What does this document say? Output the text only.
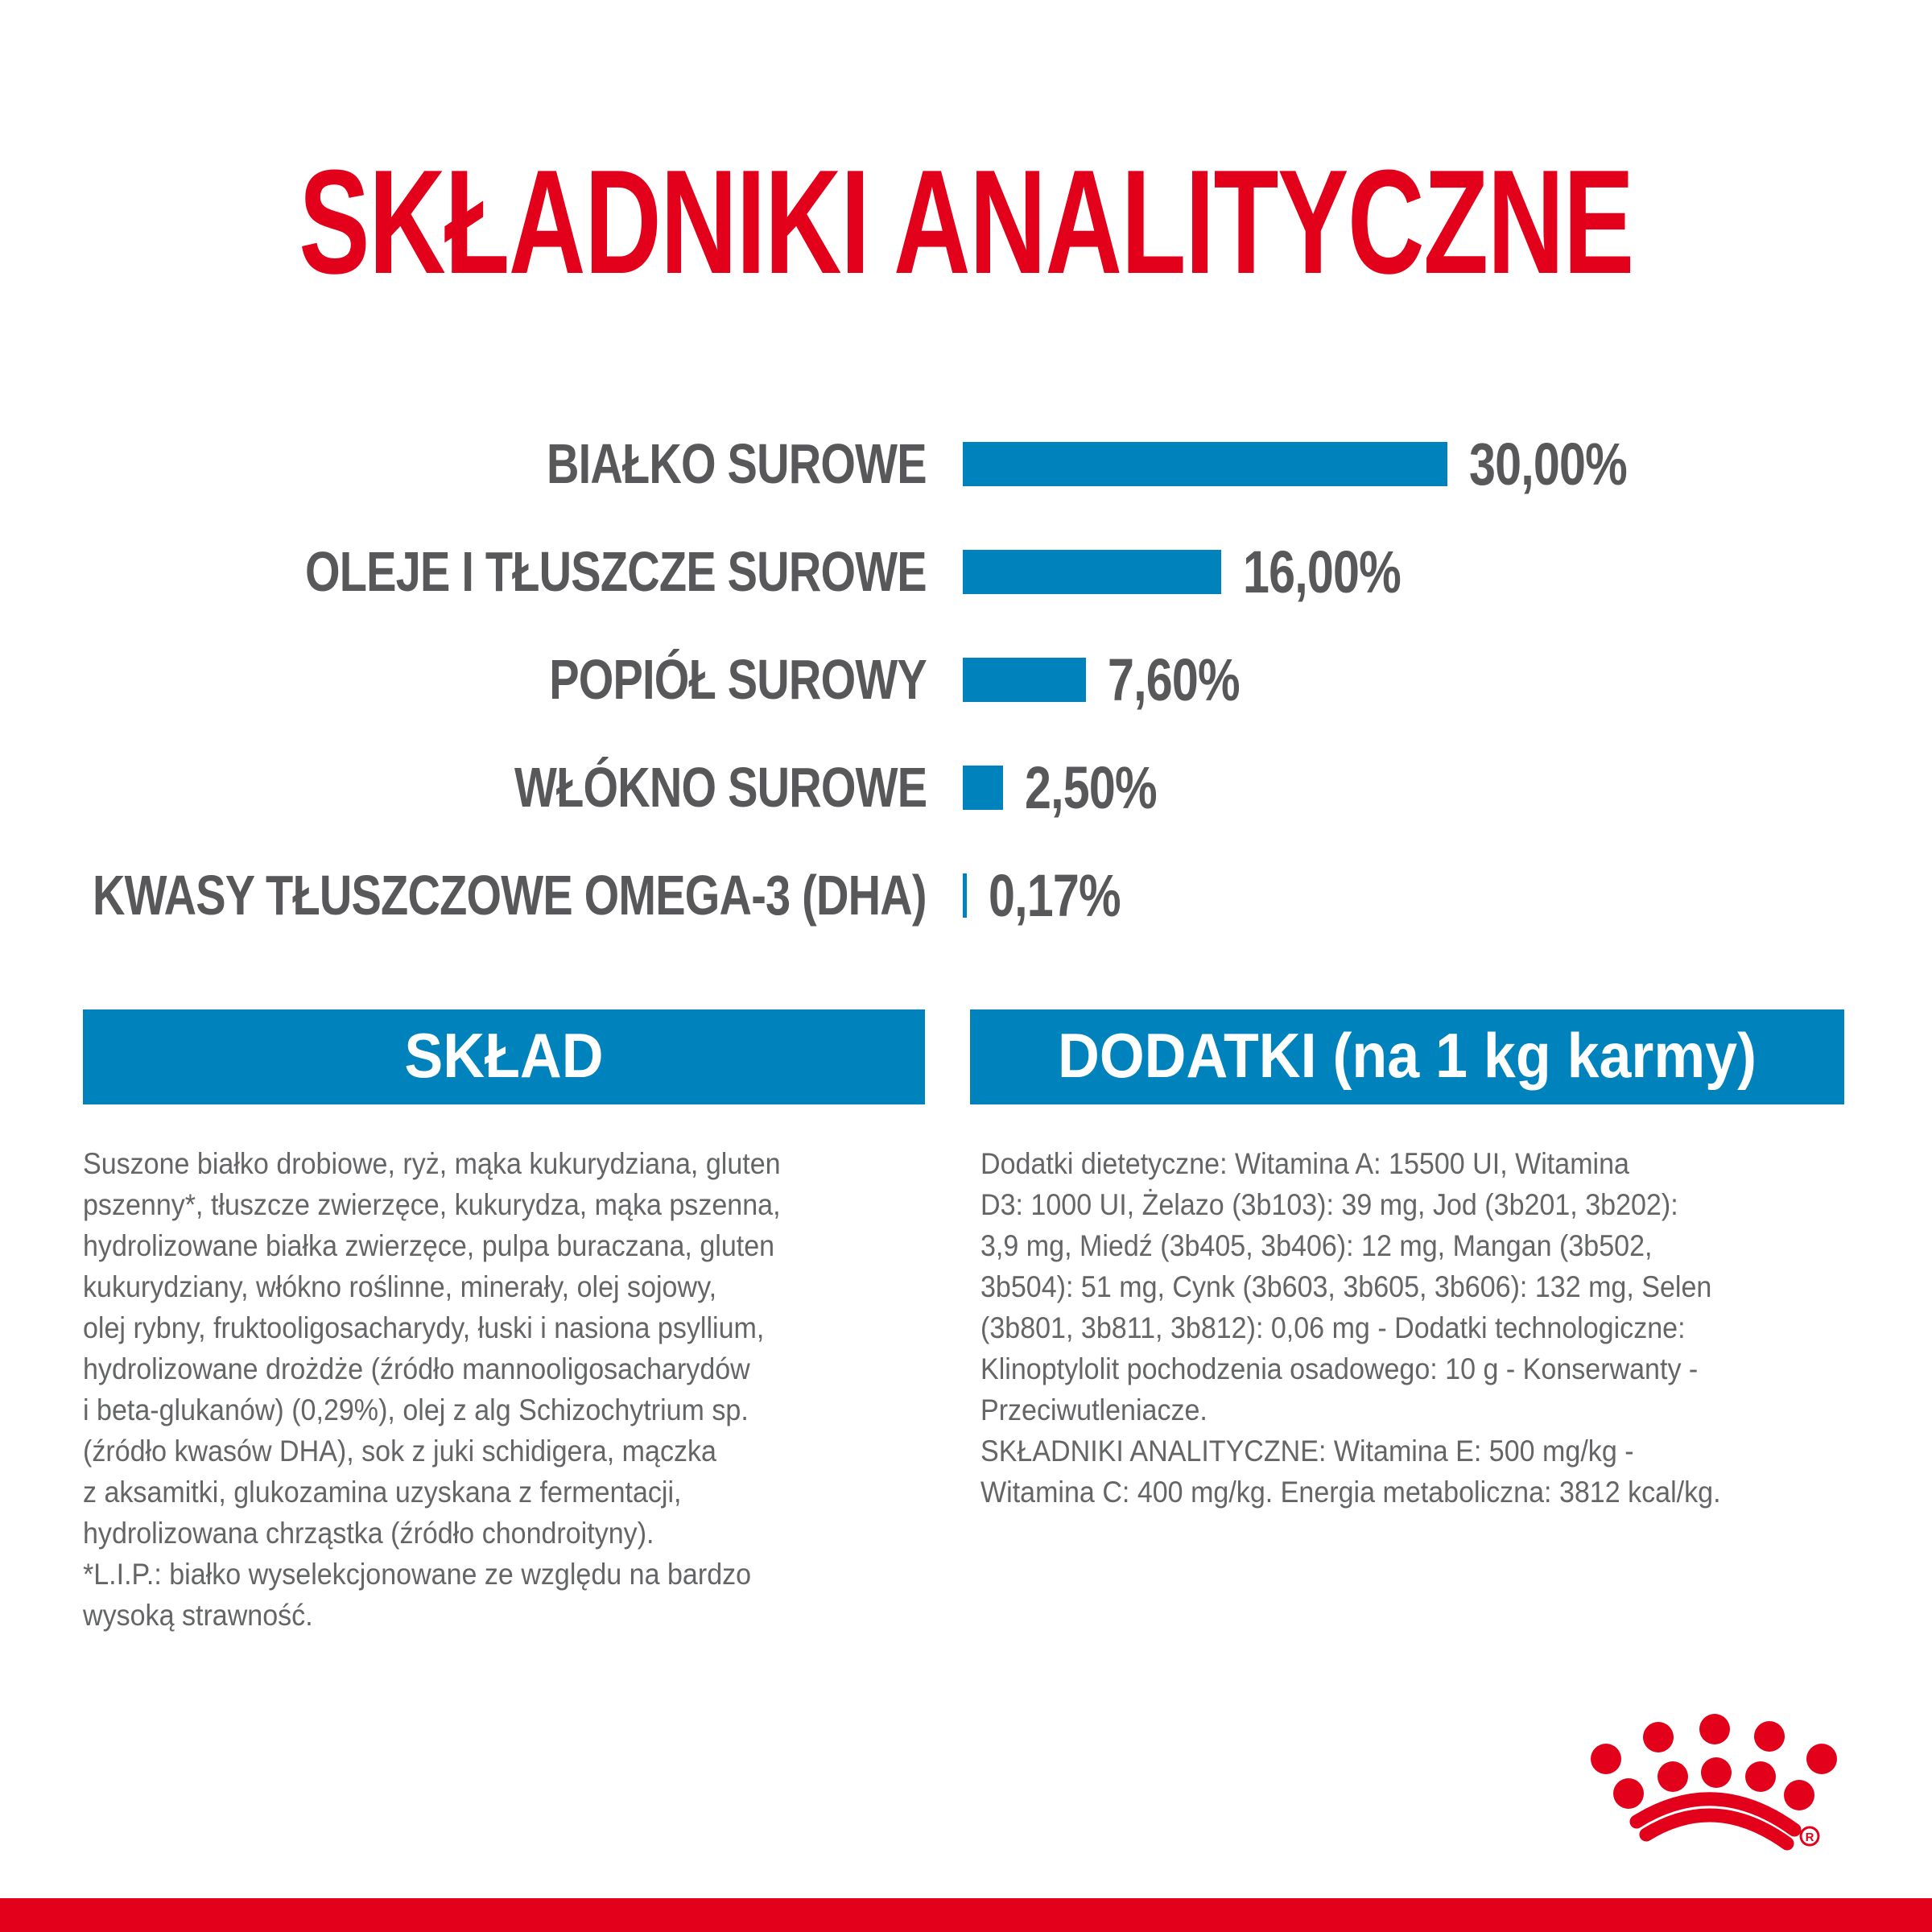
SKŁADNIKI ANALITYCZNE
BIAŁKO SUROWE	30,00%
OLEJE I TŁUSZCZE SUROWE	16,00%
POPIÓŁ SUROWY	7,60%
WŁÓKNO SUROWE 2,50%
KWASY TŁUSZCZOWE OMEGA-3 (DHA) 0,17%
SKŁAD	DODATKI (na 1 kg karmy)
Suszone białko drobiowe, ryż, mąka kukurydziana, gluten
pszenny*, tłuszcze zwierzęce, kukurydza, mąka pszenna,
hydrolizowane białka zwierzęce, pulpa buraczana, gluten
kukurydziany, włókno roślinne, minerały, olej sojowy,
olej rybny, fruktooligosacharydy, łuski i nasiona psyllium,
hydrolizowane drożdże (źródło mannooligosacharydów
i beta-glukanów) (0,29%), olej z alg Schizochytrium sp.
(źródło kwasów DHA), sok z juki schidigera, mączka
z aksamitki, glukozamina uzyskana z fermentacji,
hydrolizowana chrząstka (źródło chondroityny).
*L.I.P.: białko wyselekcjonowane ze względu na bardzo
wysoką strawność.
Dodatki dietetyczne: Witamina A: 15500 UI, Witamina
D3: 1000 UI, Żelazo (3b103): 39 mg, Jod (3b201, 3b202):
3,9 mg, Miedź (3b405, 3b406): 12 mg, Mangan (3b502,
3b504): 51 mg, Cynk (3b603, 3b605, 3b606): 132 mg, Selen
(3b801, 3b811, 3b812): 0,06 mg - Dodatki technologiczne:
Klinoptylolit pochodzenia osadowego: 10 g - Konserwanty -
Przeciwutleniacze.
SKŁADNIKI ANALITYCZNE: Witamina E: 500 mg/kg -
Witamina C: 400 mg/kg. Energia metaboliczna: 3812 kcal/kg.
R
